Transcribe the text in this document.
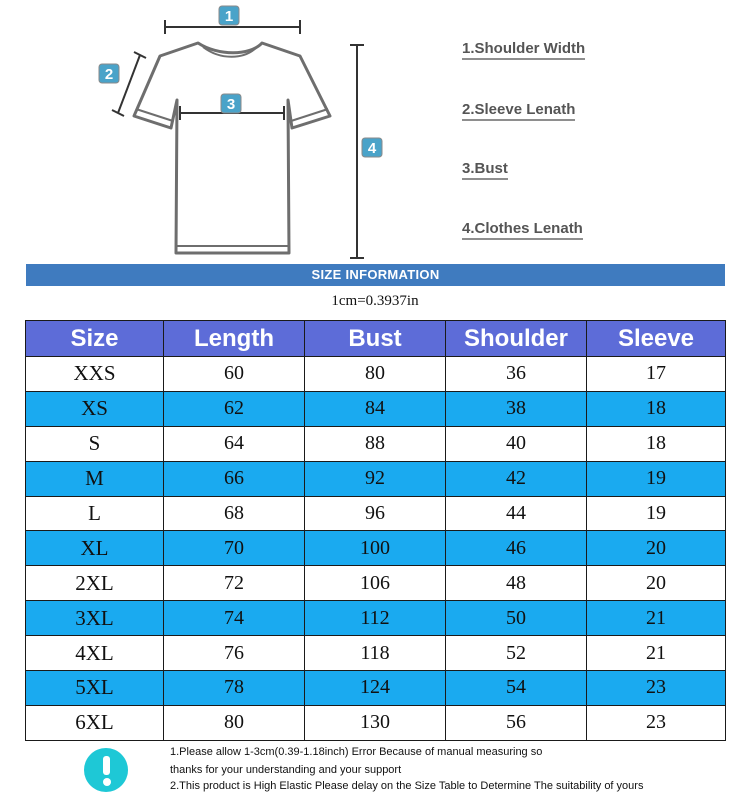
1
2
3
4
1.Shoulder Width
2.Sleeve Lenath
3.Bust
4.Clothes Lenath
SIZE INFORMATION
1cm=0.3937in
Size	Length	Bust	Shoulder	Sleeve
XXS	60	80	36	17
XS	62	84	38	18
S	64	88	40	18
M	66	92	42	19
L	68	96	44	19
XL	70	100	46	20
2XL	72	106	48	20
3XL	74	112	50	21
4XL	76	118	52	21
5XL	78	124	54	23
6XL	80	130	56	23
1.Please allow 1-3cm(0.39-1.18inch) Error Because of manual measuring so
thanks for your understanding and your support
2.This product is High Elastic Please delay on the Size Table to Determine The suitability of yours
